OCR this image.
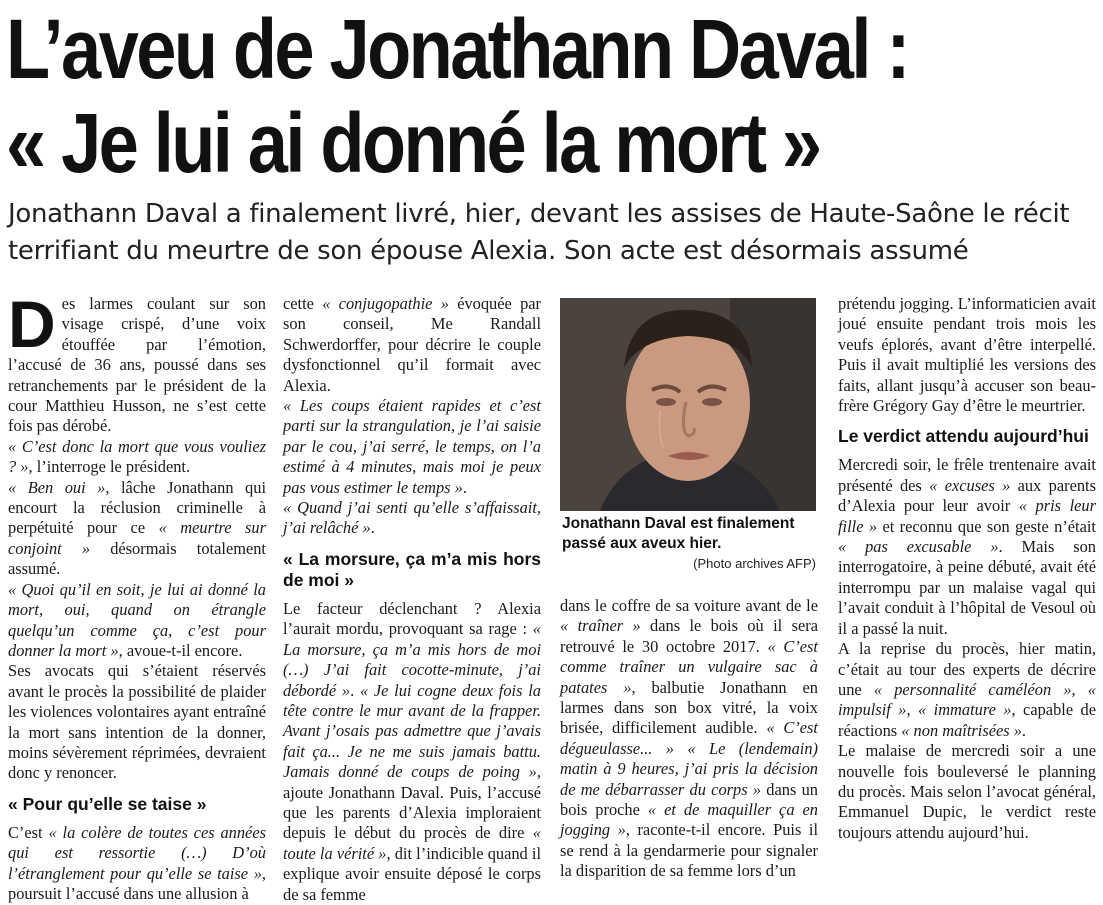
L’aveu de Jonathann Daval :
« Je lui ai donné la mort »

Jonathann Daval a finalement livré, hier, devant les assises de Haute-Saône le récit terrifiant du meurtre de son épouse Alexia. Son acte est désormais assumé

Des larmes coulant sur son visage crispé, d’une voix étouffée par l’émotion, l’accusé de 36 ans, poussé dans ses retranchements par le président de la cour Matthieu Husson, ne s’est cette fois pas dérobé.

« C’est donc la mort que vous vouliez ? », l’interroge le président.

« Ben oui », lâche Jonathann qui encourt la réclusion criminelle à perpétuité pour ce « meurtre sur conjoint » désormais totalement assumé.

« Quoi qu’il en soit, je lui ai donné la mort, oui, quand on étrangle quelqu’un comme ça, c’est pour donner la mort », avoue-t-il encore.

Ses avocats qui s’étaient réservés avant le procès la possibilité de plaider les violences volontaires ayant entraîné la mort sans intention de la donner, moins sévèrement réprimées, devraient donc y renoncer.

« Pour qu’elle se taise »

C’est « la colère de toutes ces années qui est ressortie (…) D’où l’étranglement pour qu’elle se taise », poursuit l’accusé dans une allusion à

cette « conjugopathie » évoquée par son conseil, Me Randall Schwerdorffer, pour décrire le couple dysfonctionnel qu’il formait avec Alexia.

« Les coups étaient rapides et c’est parti sur la strangulation, je l’ai saisie par le cou, j’ai serré, le temps, on l’a estimé à 4 minutes, mais moi je peux pas vous estimer le temps ».

« Quand j’ai senti qu’elle s’affaissait, j’ai relâché ».

« La morsure, ça m’a mis hors de moi »

Le facteur déclenchant ? Alexia l’aurait mordu, provoquant sa rage : « La morsure, ça m’a mis hors de moi (…) J’ai fait cocotte-minute, j’ai débordé ». « Je lui cogne deux fois la tête contre le mur avant de la frapper. Avant j’osais pas admettre que j’avais fait ça... Je ne me suis jamais battu. Jamais donné de coups de poing », ajoute Jonathann Daval. Puis, l’accusé que les parents d’Alexia imploraient depuis le début du procès de dire « toute la vérité », dit l’indicible quand il explique avoir ensuite déposé le corps de sa femme

Jonathann Daval est finalement passé aux aveux hier.

(Photo archives AFP)

dans le coffre de sa voiture avant de le « traîner » dans le bois où il sera retrouvé le 30 octobre 2017. « C’est comme traîner un vulgaire sac à patates », balbutie Jonathann en larmes dans son box vitré, la voix brisée, difficilement audible. « C’est dégueulasse... » « Le (lendemain) matin à 9 heures, j’ai pris la décision de me débarrasser du corps » dans un bois proche « et de maquiller ça en jogging », raconte-t-il encore. Puis il se rend à la gendarmerie pour signaler la disparition de sa femme lors d’un

prétendu jogging. L’informaticien avait joué ensuite pendant trois mois les veufs éplorés, avant d’être interpellé. Puis il avait multiplié les versions des faits, allant jusqu’à accuser son beau-frère Grégory Gay d’être le meurtrier.

Le verdict attendu aujourd’hui

Mercredi soir, le frêle trentenaire avait présenté des « excuses » aux parents d’Alexia pour leur avoir « pris leur fille » et reconnu que son geste n’était « pas excusable ». Mais son interrogatoire, à peine débuté, avait été interrompu par un malaise vagal qui l’avait conduit à l’hôpital de Vesoul où il a passé la nuit.

A la reprise du procès, hier matin, c’était au tour des experts de décrire une « personnalité caméléon », « impulsif », « immature », capable de réactions « non maîtrisées ».

Le malaise de mercredi soir a une nouvelle fois bouleversé le planning du procès. Mais selon l’avocat général, Emmanuel Dupic, le verdict reste toujours attendu aujourd’hui.
